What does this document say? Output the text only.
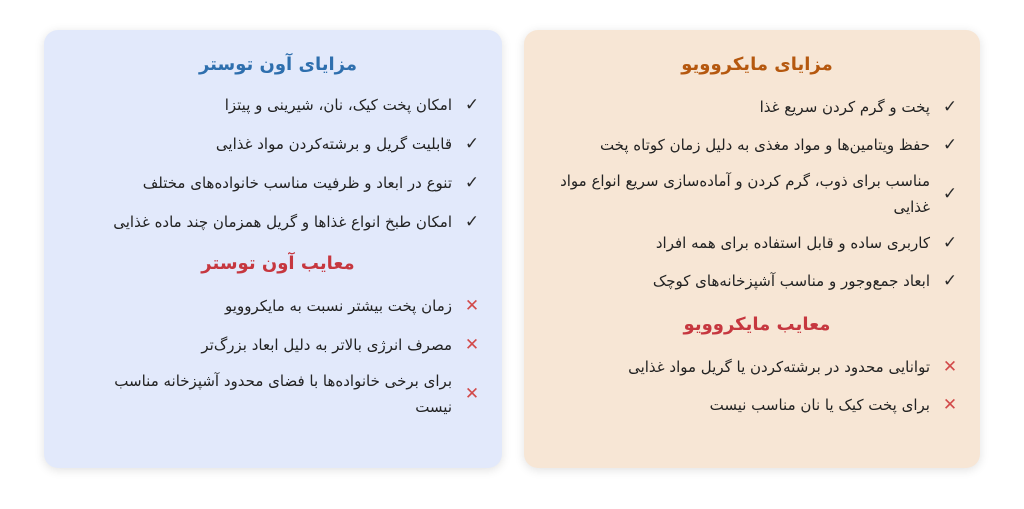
مزایای مایکروویو
✓
پخت و گرم کردن سریع غذا
✓
حفظ ویتامین‌ها و مواد مغذی به دلیل زمان کوتاه پخت
✓
مناسب برای ذوب، گرم کردن و آماده‌سازی سریع انواع مواد غذایی
✓
کاربری ساده و قابل استفاده برای همه افراد
✓
ابعاد جمع‌وجور و مناسب آشپزخانه‌های کوچک
معایب مایکروویو
✕
توانایی محدود در برشته‌کردن یا گریل مواد غذایی
✕
برای پخت کیک یا نان مناسب نیست
مزایای آون توستر
✓
امکان پخت کیک، نان، شیرینی و پیتزا
✓
قابلیت گریل و برشته‌کردن مواد غذایی
✓
تنوع در ابعاد و ظرفیت مناسب خانواده‌های مختلف
✓
امکان طبخ انواع غذاها و گریل همزمان چند ماده غذایی
معایب آون توستر
✕
زمان پخت بیشتر نسبت به مایکروویو
✕
مصرف انرژی بالاتر به دلیل ابعاد بزرگ‌تر
✕
برای برخی خانواده‌ها با فضای محدود آشپزخانه مناسب نیست
